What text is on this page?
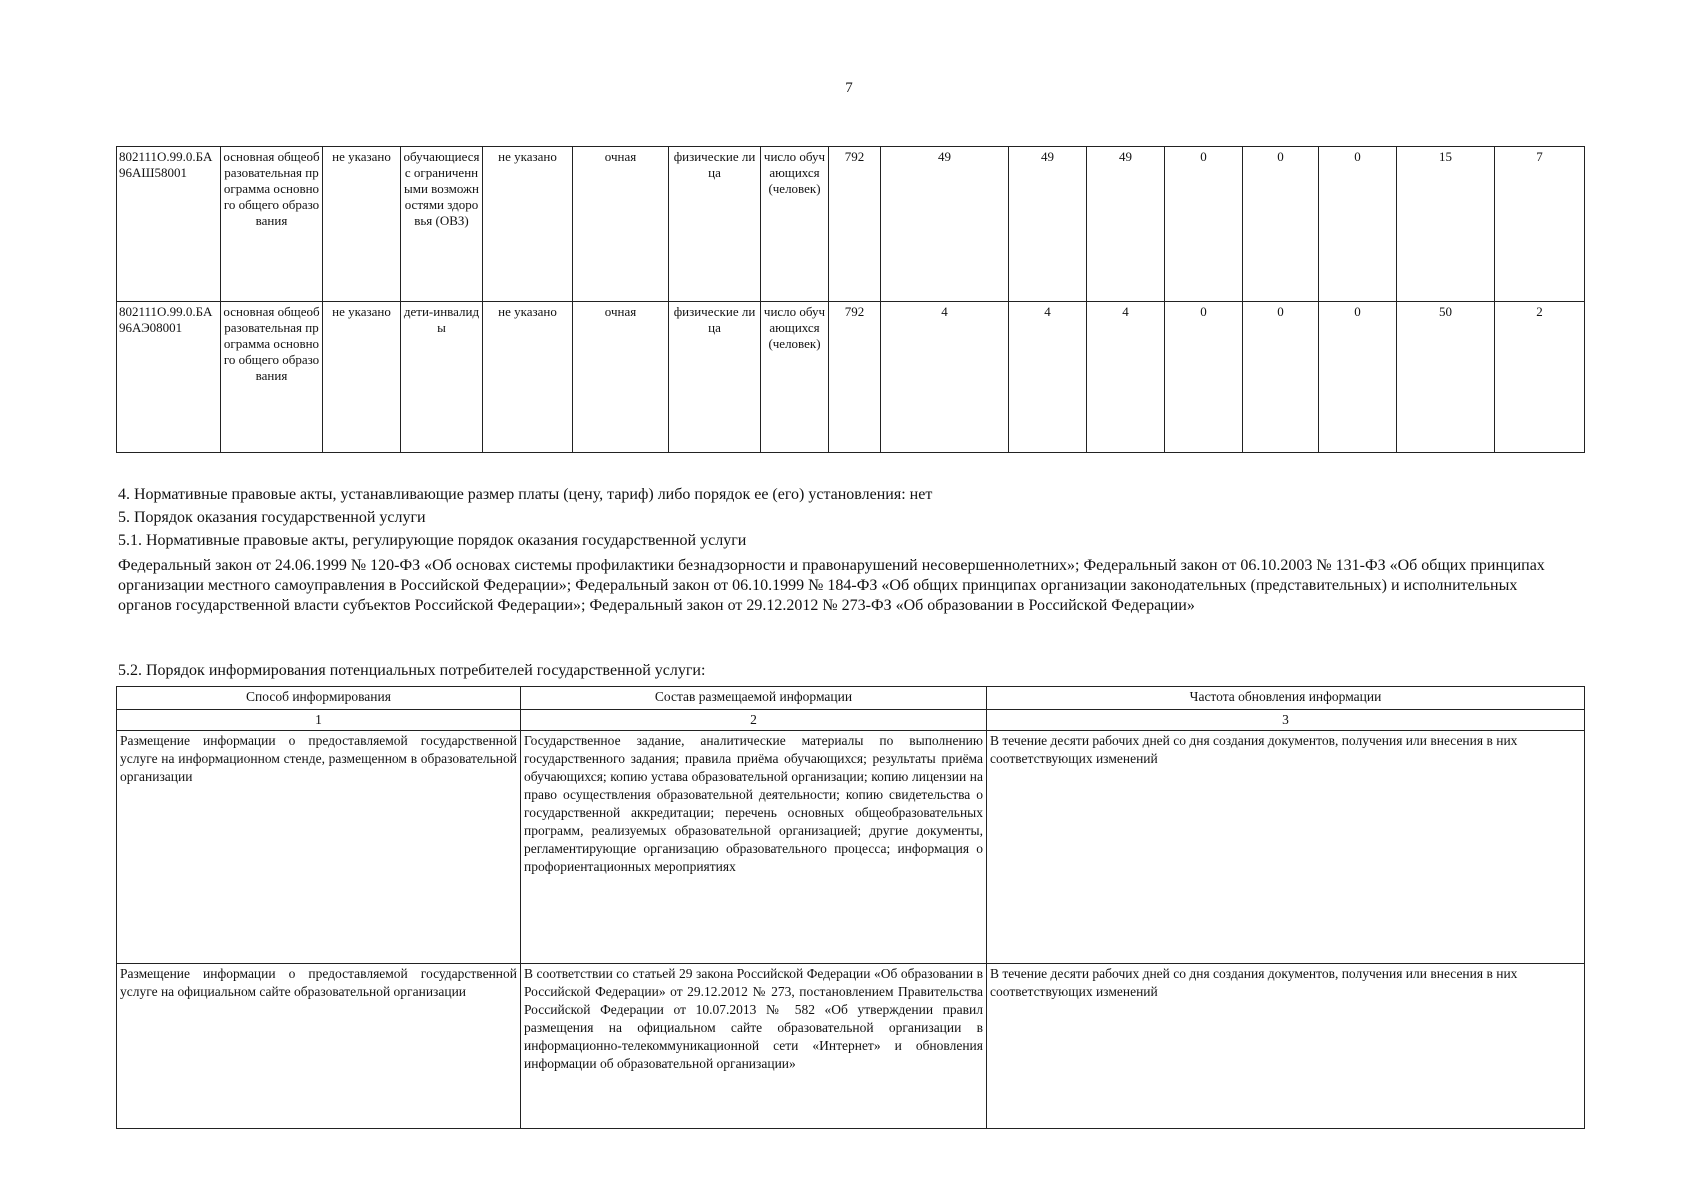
7
802111О.99.0.БА96АШ58001	основная общеобразовательная программа основного общего образования	не указано	обучающиеся с ограниченными возможностями здоровья (ОВЗ)	не указано	очная	физические лица	число обучающихся (человек)	792	49	49	49	0	0	0	15	7
802111О.99.0.БА96АЭ08001	основная общеобразовательная программа основного общего образования	не указано	дети-инвалиды	не указано	очная	физические лица	число обучающихся (человек)	792	4	4	4	0	0	0	50	2
4. Нормативные правовые акты, устанавливающие размер платы (цену, тариф) либо порядок ее (его) установления: нет
5. Порядок оказания государственной услуги
5.1. Нормативные правовые акты, регулирующие порядок оказания государственной услуги
Федеральный закон от 24.06.1999 № 120-ФЗ «Об основах системы профилактики безнадзорности и правонарушений несовершеннолетних»; Федеральный закон от 06.10.2003 № 131-ФЗ «Об общих принципах организации местного самоуправления в Российской Федерации»; Федеральный закон от 06.10.1999 № 184-ФЗ «Об общих принципах организации законодательных (представительных) и исполнительных органов государственной власти субъектов Российской Федерации»; Федеральный закон от 29.12.2012 № 273-ФЗ «Об образовании в Российской Федерации»
5.2. Порядок информирования потенциальных потребителей государственной услуги:
Способ информирования	Состав размещаемой информации	Частота обновления информации
1	2	3
Размещение информации о предоставляемой государственной услуге на информационном стенде, размещенном в образовательной организации	Государственное задание, аналитические материалы по выполнению государственного задания; правила приёма обучающихся; результаты приёма обучающихся; копию устава образовательной организации; копию лицензии на право осуществления образовательной деятельности; копию свидетельства о государственной аккредитации; перечень основных общеобразовательных программ, реализуемых образовательной организацией; другие документы, регламентирующие организацию образовательного процесса; информация о профориентационных мероприятиях	В течение десяти рабочих дней со дня создания документов, получения или внесения в них соответствующих изменений
Размещение информации о предоставляемой государственной услуге на официальном сайте образовательной организации	В соответствии со статьей 29 закона Российской Федерации «Об образовании в Российской Федерации» от 29.12.2012 № 273, постановлением Правительства Российской Федерации от 10.07.2013 № 582 «Об утверждении правил размещения на официальном сайте образовательной организации в информационно-телекоммуникационной сети «Интернет» и обновления информации об образовательной организации»	В течение десяти рабочих дней со дня создания документов, получения или внесения в них соответствующих изменений
